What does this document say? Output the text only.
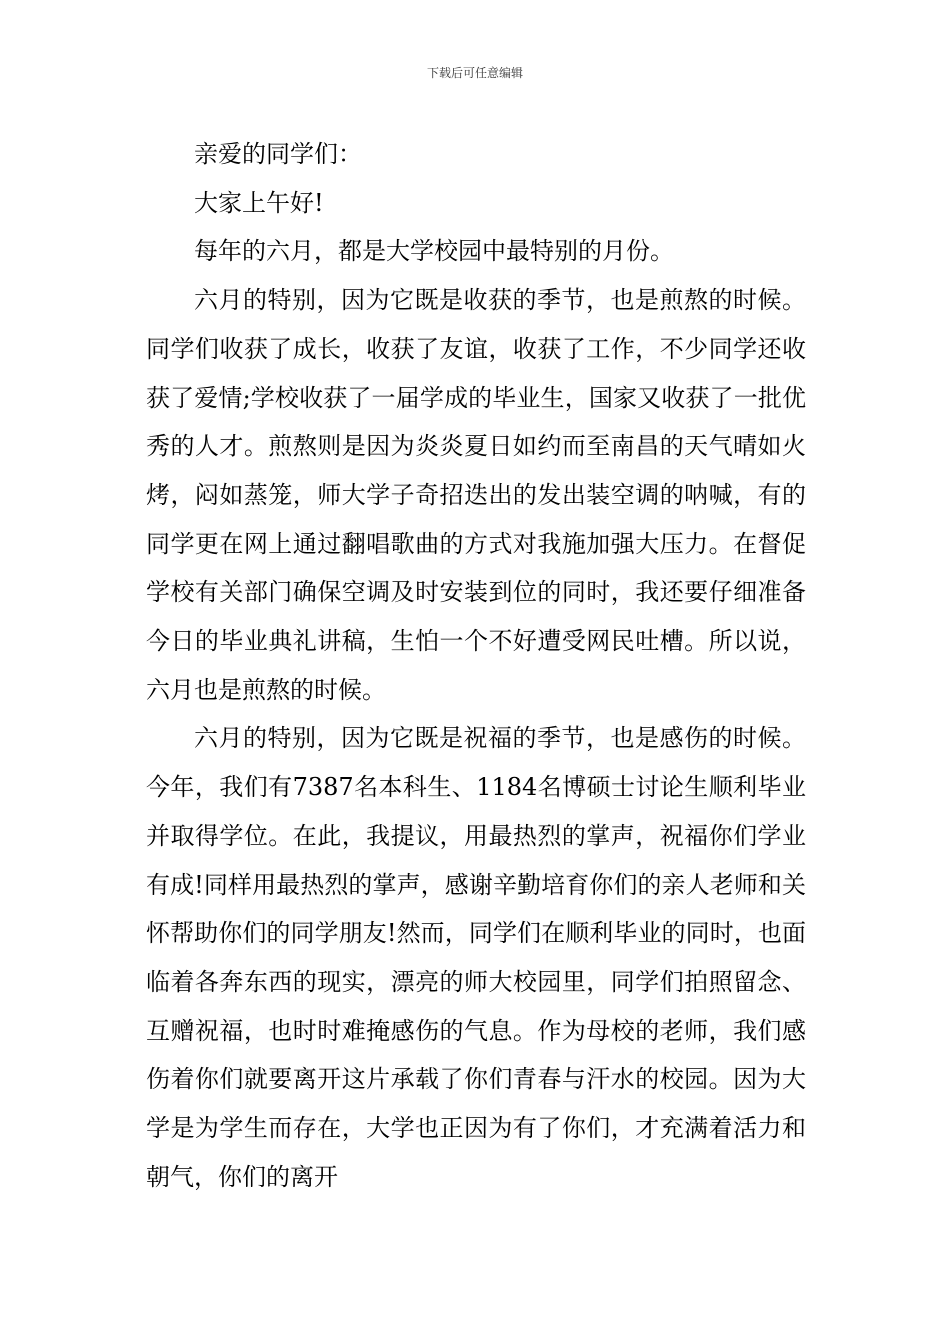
下载后可任意编辑

亲爱的同学们：

大家上午好!

每年的六月，都是大学校园中最特别的月份。

六月的特别，因为它既是收获的季节，也是煎熬的时候。同学们收获了成长，收获了友谊，收获了工作，不少同学还收获了爱情;学校收获了一届学成的毕业生，国家又收获了一批优秀的人才。煎熬则是因为炎炎夏日如约而至南昌的天气晴如火烤，闷如蒸笼，师大学子奇招迭出的发出装空调的呐喊，有的同学更在网上通过翻唱歌曲的方式对我施加强大压力。在督促学校有关部门确保空调及时安装到位的同时，我还要仔细准备今日的毕业典礼讲稿，生怕一个不好遭受网民吐槽。所以说，六月也是煎熬的时候。

六月的特别，因为它既是祝福的季节，也是感伤的时候。今年，我们有7387名本科生、1184名博硕士讨论生顺利毕业并取得学位。在此，我提议，用最热烈的掌声，祝福你们学业有成!同样用最热烈的掌声，感谢辛勤培育你们的亲人老师和关怀帮助你们的同学朋友!然而，同学们在顺利毕业的同时，也面临着各奔东西的现实，漂亮的师大校园里，同学们拍照留念、互赠祝福，也时时难掩感伤的气息。作为母校的老师，我们感伤着你们就要离开这片承载了你们青春与汗水的校园。因为大学是为学生而存在，大学也正因为有了你们，才充满着活力和朝气，你们的离开
